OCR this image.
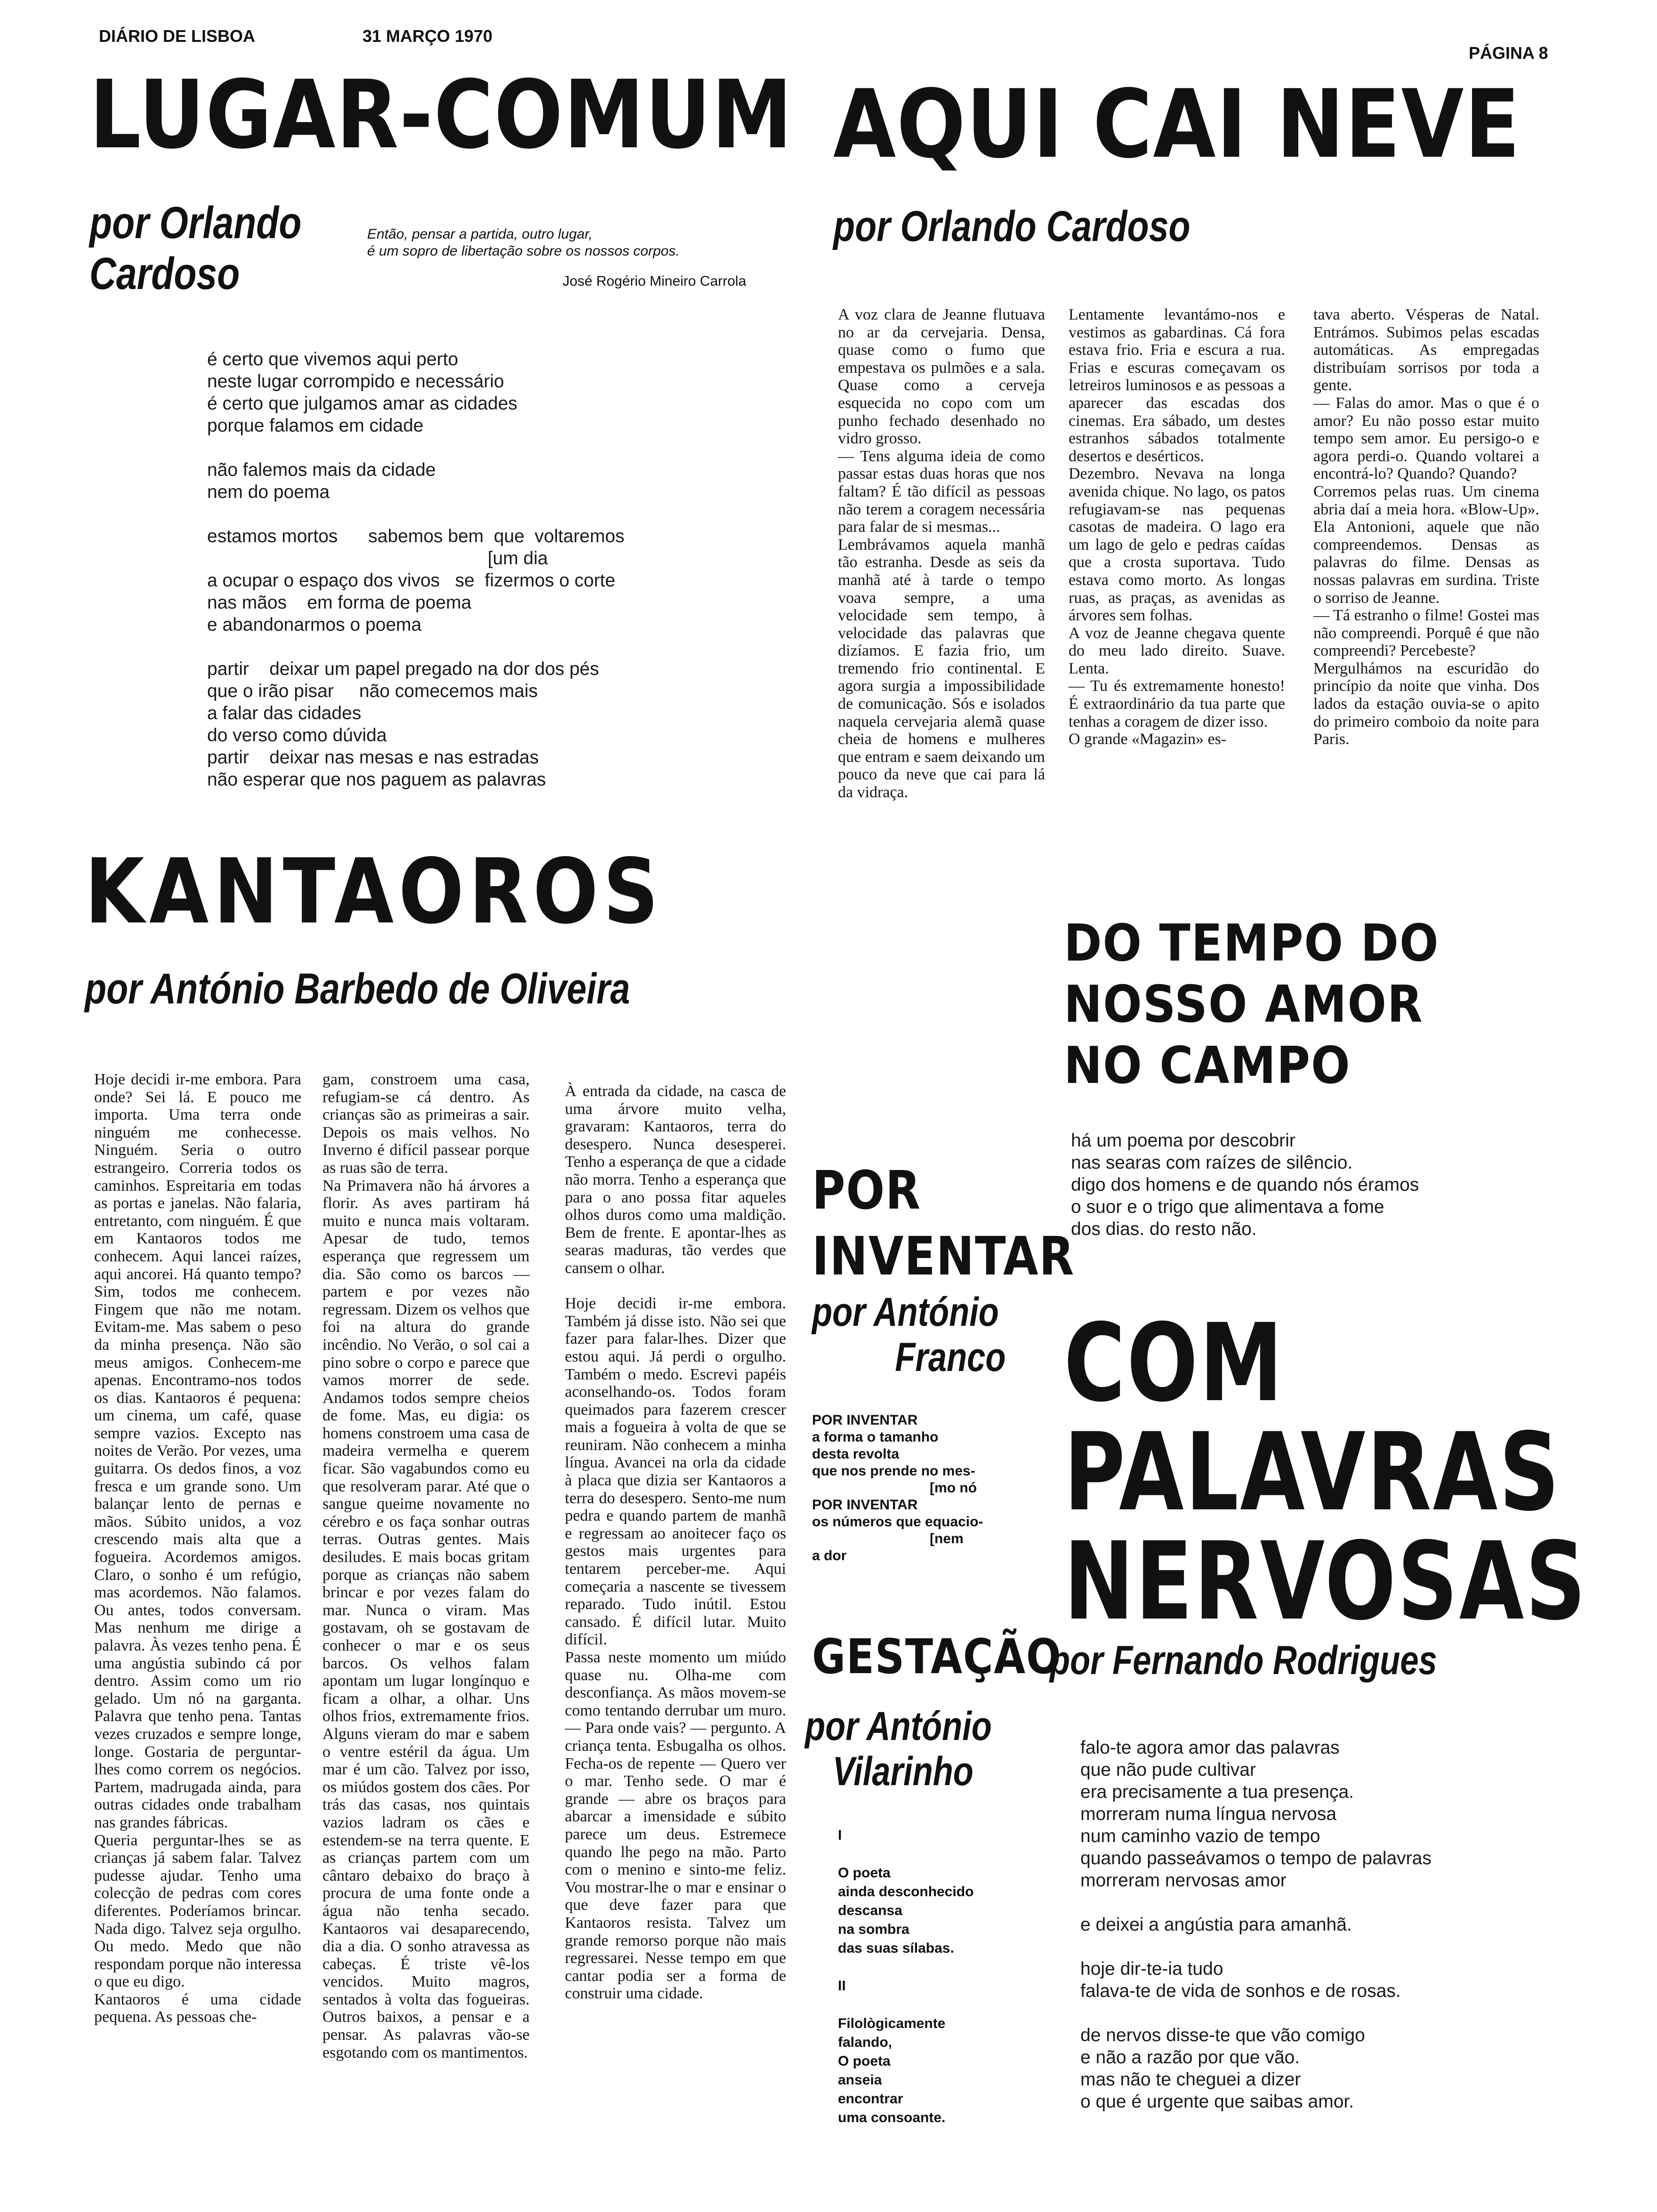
DIÁRIO DE LISBOA	31 MARÇO 1970
PÁGINA 8
LUGAR-COMUM
por Orlando
Cardoso
Então, pensar a partida, outro lugar,
é um sopro de libertação sobre os nossos corpos.
José Rogério Mineiro Carrola
é certo que vivemos aqui perto
neste lugar corrompido e necessário
é certo que julgamos amar as cidades
porque falamos em cidade

não falemos mais da cidade
nem do poema

estamos mortos      sabemos bem  que  voltaremos
[um dia
a ocupar o espaço dos vivos   se  fizermos o corte
nas mãos    em forma de poema
e abandonarmos o poema

partir    deixar um papel pregado na dor dos pés
que o irão pisar     não comecemos mais
a falar das cidades
do verso como dúvida
partir    deixar nas mesas e nas estradas
não esperar que nos paguem as palavras
AQUI CAI NEVE
por Orlando Cardoso
A voz clara de Jeanne flutuava no ar da cervejaria. Densa, quase como o fumo que empestava os pulmões e a sala. Quase como a cerveja esquecida no copo com um punho fechado desenhado no vidro grosso.
— Tens alguma ideia de como passar estas duas horas que nos faltam? É tão difícil as pessoas não terem a coragem necessária para falar de si mesmas...
Lembrávamos aquela manhã tão estranha. Desde as seis da manhã até à tarde o tempo voava sempre, a uma velocidade sem tempo, à velocidade das palavras que dizíamos. E fazia frio, um tremendo frio continental. E agora surgia a impossibilidade de comunicação. Sós e isolados naquela cervejaria alemã quase cheia de homens e mulheres que entram e saem deixando um pouco da neve que cai para lá da vidraça.
Lentamente levantámo-nos e vestimos as gabardinas. Cá fora estava frio. Fria e escura a rua. Frias e escuras começavam os letreiros luminosos e as pessoas a aparecer das escadas dos cinemas. Era sábado, um destes estranhos sábados totalmente desertos e desérticos.
Dezembro. Nevava na longa avenida chique. No lago, os patos refugiavam-se nas pequenas casotas de madeira. O lago era um lago de gelo e pedras caídas que a crosta suportava. Tudo estava como morto. As longas ruas, as praças, as avenidas as árvores sem folhas.
A voz de Jeanne chegava quente do meu lado direito. Suave. Lenta.
— Tu és extremamente honesto! É extraordinário da tua parte que tenhas a coragem de dizer isso.
O grande «Magazin» es-
tava aberto. Vésperas de Natal. Entrámos. Subimos pelas escadas automáticas. As empregadas distribuíam sorrisos por toda a gente.
— Falas do amor. Mas o que é o amor? Eu não posso estar muito tempo sem amor. Eu persigo-o e agora perdi-o. Quando voltarei a encontrá-lo? Quando? Quando?
Corremos pelas ruas. Um cinema abria daí a meia hora. «Blow-Up». Ela Antonioni, aquele que não compreendemos. Densas as palavras do filme. Densas as nossas palavras em surdina. Triste o sorriso de Jeanne.
— Tá estranho o filme! Gostei mas não compreendi. Porquê é que não compreendi? Percebeste?
Mergulhámos na escuridão do princípio da noite que vinha. Dos lados da estação ouvia-se o apito do primeiro comboio da noite para Paris.
KANTAOROS
por António Barbedo de Oliveira
Hoje decidi ir-me embora. Para onde? Sei lá. E pouco me importa. Uma terra onde ninguém me conhecesse. Ninguém. Seria o outro estrangeiro. Correria todos os caminhos. Espreitaria em todas as portas e janelas. Não falaria, entretanto, com ninguém. É que em Kantaoros todos me conhecem. Aqui lancei raízes, aqui ancorei. Há quanto tempo? Sim, todos me conhecem. Fingem que não me notam. Evitam-me. Mas sabem o peso da minha presença. Não são meus amigos. Conhecem-me apenas. Encontramo-nos todos os dias. Kantaoros é pequena: um cinema, um café, quase sempre vazios. Excepto nas noites de Verão. Por vezes, uma guitarra. Os dedos finos, a voz fresca e um grande sono. Um balançar lento de pernas e mãos. Súbito unidos, a voz crescendo mais alta que a fogueira. Acordemos amigos. Claro, o sonho é um refúgio, mas acordemos. Não falamos. Ou antes, todos conversam. Mas nenhum me dirige a palavra. Às vezes tenho pena. É uma angústia subindo cá por dentro. Assim como um rio gelado. Um nó na garganta. Palavra que tenho pena. Tantas vezes cruzados e sempre longe, longe. Gostaria de perguntar-lhes como correm os negócios. Partem, madrugada ainda, para outras cidades onde trabalham nas grandes fábricas.
Queria perguntar-lhes se as crianças já sabem falar. Talvez pudesse ajudar. Tenho uma colecção de pedras com cores diferentes. Poderíamos brincar. Nada digo. Talvez seja orgulho. Ou medo. Medo que não respondam porque não interessa o que eu digo.
Kantaoros é uma cidade pequena. As pessoas che-
gam, constroem uma casa, refugiam-se cá dentro. As crianças são as primeiras a sair. Depois os mais velhos. No Inverno é difícil passear porque as ruas são de terra.
Na Primavera não há árvores a florir. As aves partiram há muito e nunca mais voltaram. Apesar de tudo, temos esperança que regressem um dia. São como os barcos — partem e por vezes não regressam. Dizem os velhos que foi na altura do grande incêndio. No Verão, o sol cai a pino sobre o corpo e parece que vamos morrer de sede. Andamos todos sempre cheios de fome. Mas, eu digia: os homens constroem uma casa de madeira vermelha e querem ficar. São vagabundos como eu que resolveram parar. Até que o sangue queime novamente no cérebro e os faça sonhar outras terras. Outras gentes. Mais desiludes. E mais bocas gritam porque as crianças não sabem brincar e por vezes falam do mar. Nunca o viram. Mas gostavam, oh se gostavam de conhecer o mar e os seus barcos. Os velhos falam apontam um lugar longínquo e ficam a olhar, a olhar. Uns olhos frios, extremamente frios. Alguns vieram do mar e sabem o ventre estéril da água. Um mar é um cão. Talvez por isso, os miúdos gostem dos cães. Por trás das casas, nos quintais vazios ladram os cães e estendem-se na terra quente. E as crianças partem com um cântaro debaixo do braço à procura de uma fonte onde a água não tenha secado. Kantaoros vai desaparecendo, dia a dia. O sonho atravessa as cabeças. É triste vê-los vencidos. Muito magros, sentados à volta das fogueiras. Outros baixos, a pensar e a pensar. As palavras vão-se esgotando com os mantimentos.
À entrada da cidade, na casca de uma árvore muito velha, gravaram: Kantaoros, terra do desespero. Nunca desesperei. Tenho a esperança de que a cidade não morra. Tenho a esperança que para o ano possa fitar aqueles olhos duros como uma maldição. Bem de frente. E apontar-lhes as searas maduras, tão verdes que cansem o olhar.

Hoje decidi ir-me embora. Também já disse isto. Não sei que fazer para falar-lhes. Dizer que estou aqui. Já perdi o orgulho. Também o medo. Escrevi papéis aconselhando-os. Todos foram queimados para fazerem crescer mais a fogueira à volta de que se reuniram. Não conhecem a minha língua. Avancei na orla da cidade à placa que dizia ser Kantaoros a terra do desespero. Sento-me num pedra e quando partem de manhã e regressam ao anoitecer faço os gestos mais urgentes para tentarem perceber-me. Aqui começaria a nascente se tivessem reparado. Tudo inútil. Estou cansado. É difícil lutar. Muito difícil.
Passa neste momento um miúdo quase nu. Olha-me com desconfiança. As mãos movem-se como tentando derrubar um muro. — Para onde vais? — pergunto. A criança tenta. Esbugalha os olhos. Fecha-os de repente — Quero ver o mar. Tenho sede. O mar é grande — abre os braços para abarcar a imensidade e súbito parece um deus. Estremece quando lhe pego na mão. Parto com o menino e sinto-me feliz. Vou mostrar-lhe o mar e ensinar o que deve fazer para que Kantaoros resista. Talvez um grande remorso porque não mais regressarei. Nesse tempo em que cantar podia ser a forma de construir uma cidade.
DO TEMPO DO
NOSSO AMOR
NO CAMPO
há um poema por descobrir
nas searas com raízes de silêncio.
digo dos homens e de quando nós éramos
o suor e o trigo que alimentava a fome
dos dias. do resto não.
POR
INVENTAR
por António
Franco
POR INVENTAR
a forma o tamanho
desta revolta
que nos prende no mes-
[mo nó
POR INVENTAR
os números que equacio-
[nem
a dor
COM
PALAVRAS
NERVOSAS
por Fernando Rodrigues
falo-te agora amor das palavras
que não pude cultivar
era precisamente a tua presença.
morreram numa língua nervosa
num caminho vazio de tempo
quando passeávamos o tempo de palavras
morreram nervosas amor

e deixei a angústia para amanhã.

hoje dir-te-ia tudo
falava-te de vida de sonhos e de rosas.

de nervos disse-te que vão comigo
e não a razão por que vão.
mas não te cheguei a dizer
o que é urgente que saibas amor.
GESTAÇÃO
por António
Vilarinho
I

O poeta
ainda desconhecido
descansa
na sombra
das suas sílabas.

II

Filològicamente
falando,
O poeta
anseia
encontrar
uma consoante.
